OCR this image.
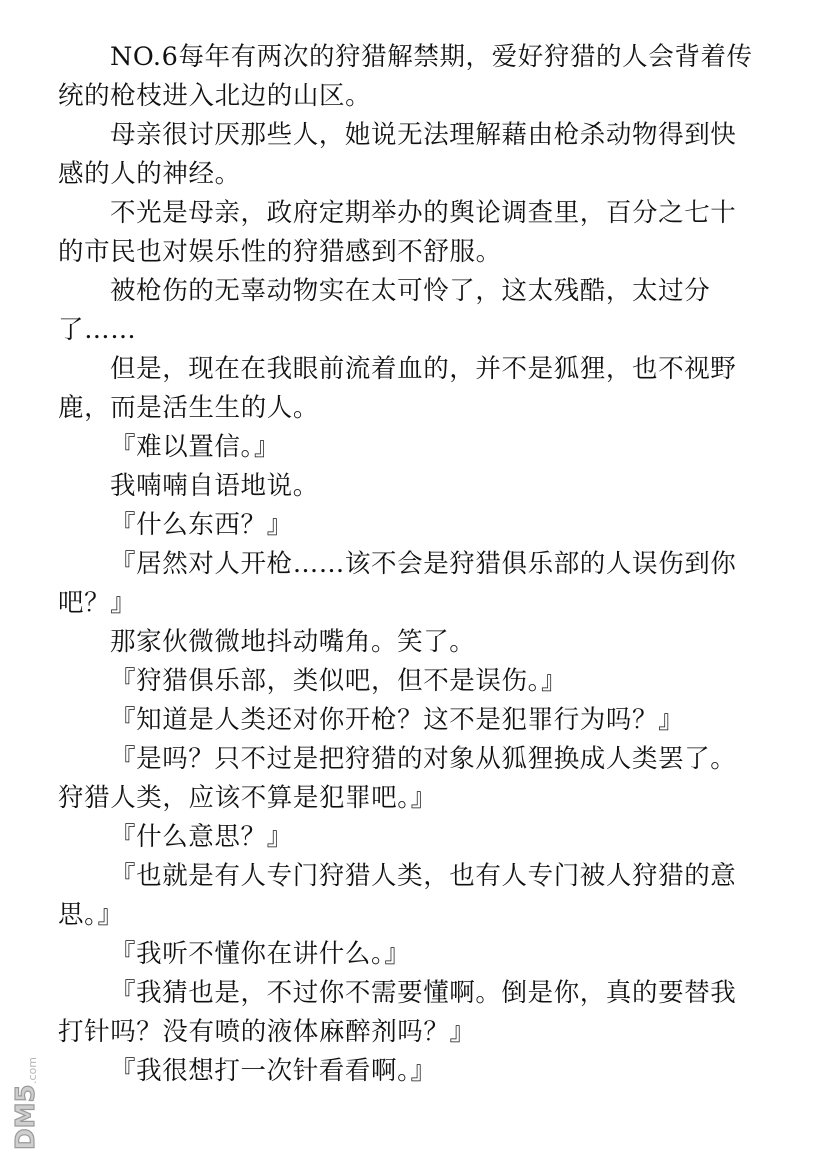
NO.6每年有两次的狩猎解禁期，爱好狩猎的人会背着传统的枪枝进入北边的山区。

母亲很讨厌那些人，她说无法理解藉由枪杀动物得到快感的人的神经。

不光是母亲，政府定期举办的舆论调查里，百分之七十的市民也对娱乐性的狩猎感到不舒服。

被枪伤的无辜动物实在太可怜了，这太残酷，太过分了……

但是，现在在我眼前流着血的，并不是狐狸，也不视野鹿，而是活生生的人。

『难以置信。』

我喃喃自语地说。

『什么东西？』

『居然对人开枪……该不会是狩猎俱乐部的人误伤到你吧？』

那家伙微微地抖动嘴角。笑了。

『狩猎俱乐部，类似吧，但不是误伤。』

『知道是人类还对你开枪？这不是犯罪行为吗？』

『是吗？只不过是把狩猎的对象从狐狸换成人类罢了。狩猎人类，应该不算是犯罪吧。』

『什么意思？』

『也就是有人专门狩猎人类，也有人专门被人狩猎的意思。』

『我听不懂你在讲什么。』

『我猜也是，不过你不需要懂啊。倒是你，真的要替我打针吗？没有喷的液体麻醉剂吗？』

『我很想打一次针看看啊。』

DM5
.com
